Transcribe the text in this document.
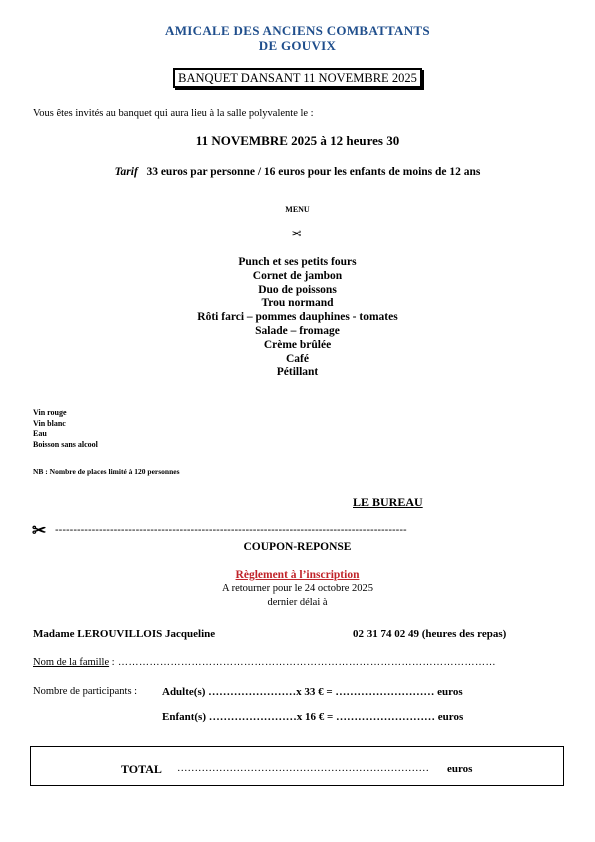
AMICALE DES ANCIENS COMBATTANTS
DE GOUVIX
BANQUET DANSANT 11 NOVEMBRE 2025
Vous êtes invités au banquet qui aura lieu à la salle polyvalente le :
11 NOVEMBRE 2025 à 12 heures 30
Tarif 33 euros par personne / 16 euros pour les enfants de moins de 12 ans
MENU
✂
Punch et ses petits fours
Cornet de jambon
Duo de poissons
Trou normand
Rôti farci – pommes dauphines - tomates
Salade – fromage
Crème brûlée
Café
Pétillant
Vin rouge
Vin blanc
Eau
Boisson sans alcool
NB : Nombre de places limité à 120 personnes
LE BUREAU
✂ ------------------------------------------------------------------------------------------------
COUPON-REPONSE
Règlement à l’inscription
A retourner pour le 24 octobre 2025
dernier délai à
Madame LEROUVILLOIS Jacqueline	02 31 74 02 49 (heures des repas)
Nom de la famille : ………………………………………………………………………………………………
Nombre de participants : Adulte(s) ……………………x 33 € = ……………………… euros
Enfant(s) ……………………x 16 € = ……………………… euros
TOTAL ………………………………………………………………	euros
